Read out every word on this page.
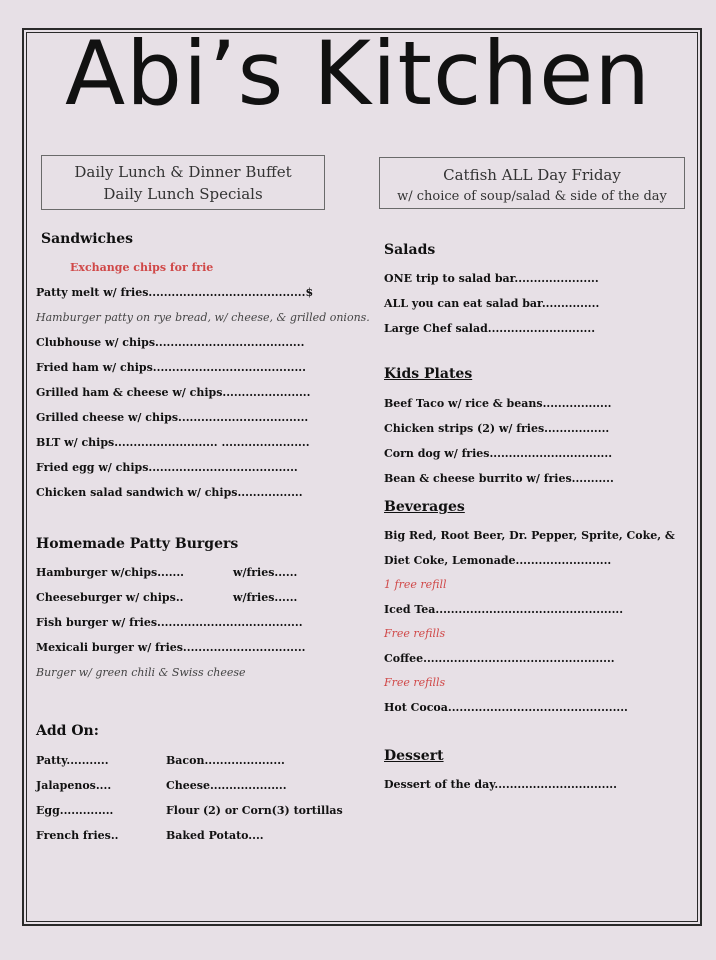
Abi’s Kitchen
Daily Lunch & Dinner Buffet
Daily Lunch Specials
Catfish ALL Day Friday
w/ choice of soup/salad & side of the day
Sandwiches
Exchange chips for frie
Patty melt w/ fries.........................................$
Hamburger patty on rye bread, w/ cheese, & grilled onions.
Clubhouse w/ chips.......................................
Fried ham w/ chips........................................
Grilled ham & cheese w/ chips.......................
Grilled cheese w/ chips..................................
BLT w/ chips........................... .......................
Fried egg w/ chips.......................................
Chicken salad sandwich w/ chips.................
Homemade Patty Burgers
Hamburger w/chips.......	w/fries......
Cheeseburger w/ chips..	w/fries......
Fish burger w/ fries......................................
Mexicali burger w/ fries................................
Burger w/ green chili & Swiss cheese
Add On:
Patty...........
Jalapenos....
Egg..............
French fries..
Bacon.....................
Cheese....................
Flour (2) or Corn(3) tortillas
Baked Potato....
Salads
ONE trip to salad bar......................
ALL you can eat salad bar...............
Large Chef salad............................
Kids Plates
Beef Taco w/ rice & beans..................
Chicken strips (2) w/ fries.................
Corn dog w/ fries................................
Bean & cheese burrito w/ fries...........
Beverages
Big Red, Root Beer, Dr. Pepper, Sprite, Coke, &
Diet Coke, Lemonade.........................
1 free refill
Iced Tea.................................................
Free refills
Coffee..................................................
Free refills
Hot Cocoa...............................................
Dessert
Dessert of the day................................
